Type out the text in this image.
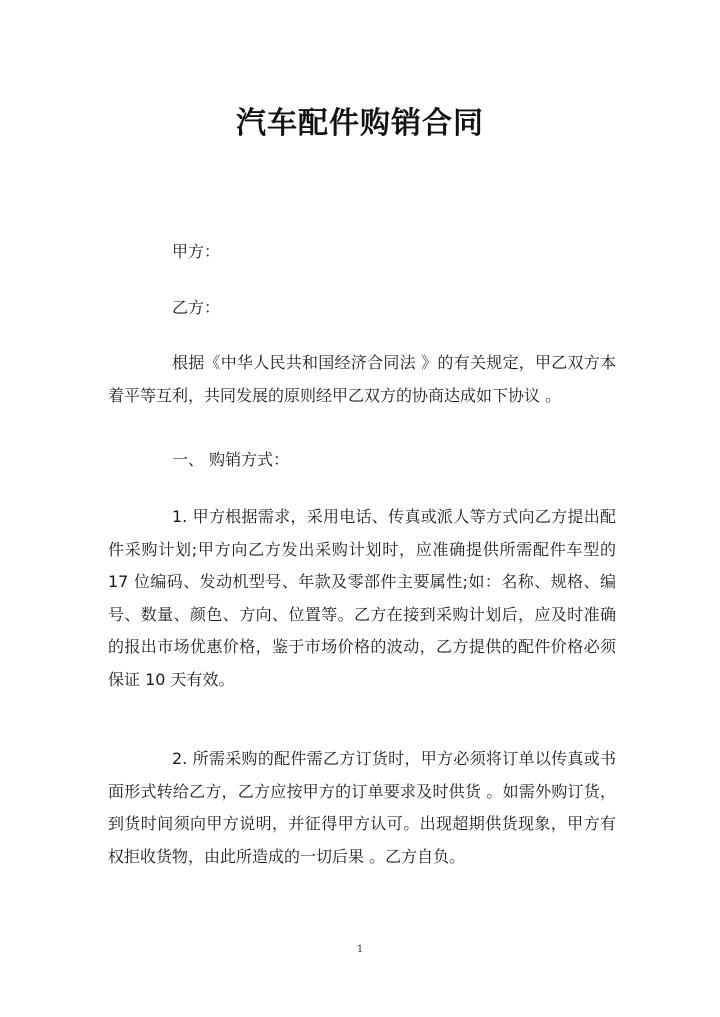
汽车配件购销合同
甲方：
乙方：
根据《中华人民共和国经济合同法 》的有关规定，甲乙双方本着平等互利，共同发展的原则经甲乙双方的协商达成如下协议 。
一、 购销方式：
1. 甲方根据需求，采用电话、传真或派人等方式向乙方提出配件采购计划;甲方向乙方发出采购计划时，应准确提供所需配件车型的 17 位编码、发动机型号、年款及零部件主要属性;如：名称、规格、编号、数量、颜色、方向、位置等。乙方在接到采购计划后，应及时准确的报出市场优惠价格，鉴于市场价格的波动，乙方提供的配件价格必须保证 10 天有效。
2. 所需采购的配件需乙方订货时，甲方必须将订单以传真或书面形式转给乙方，乙方应按甲方的订单要求及时供货 。如需外购订货，到货时间须向甲方说明，并征得甲方认可。出现超期供货现象，甲方有权拒收货物，由此所造成的一切后果 。乙方自负。
1
